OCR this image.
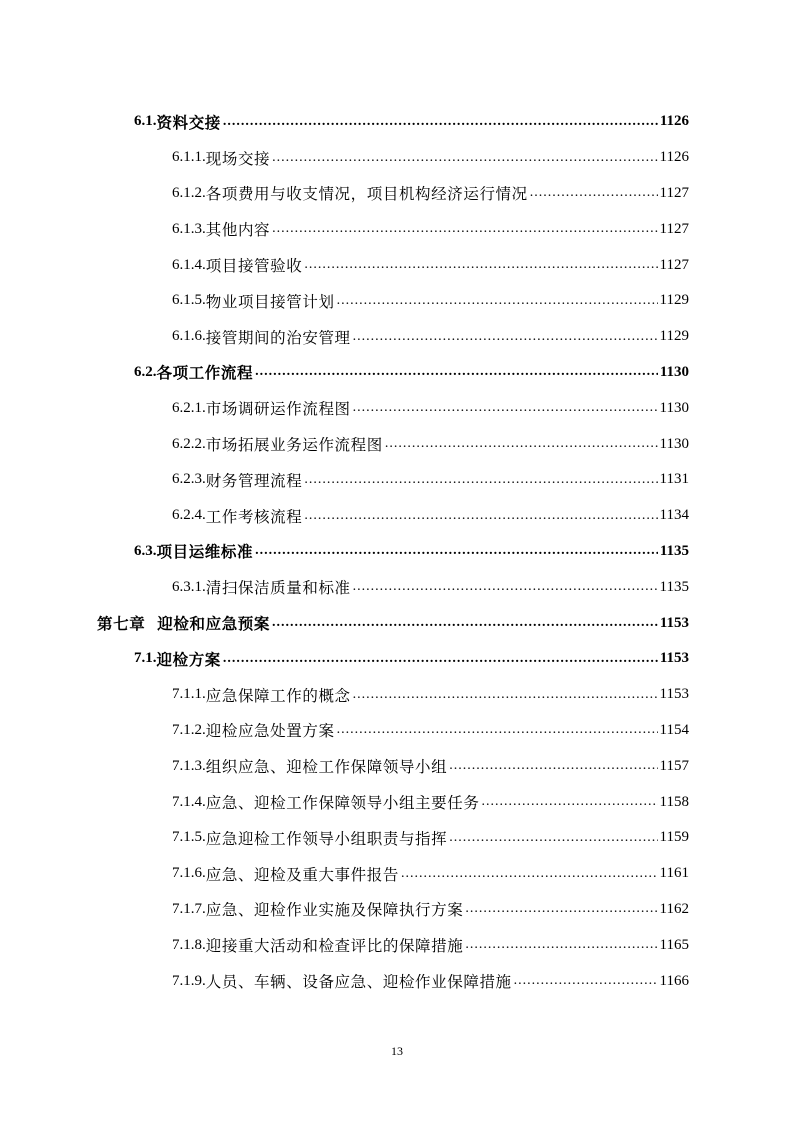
6.1. 资料交接 .....	1126
6.1.1. 现场交接 .....	1126
6.1.2. 各项费用与收支情况，项目机构经济运行情况 .....	1127
6.1.3. 其他内容 .....	1127
6.1.4. 项目接管验收 .....	1127
6.1.5. 物业项目接管计划 .....	1129
6.1.6. 接管期间的治安管理 .....	1129
6.2. 各项工作流程 .....	1130
6.2.1. 市场调研运作流程图 .....	1130
6.2.2. 市场拓展业务运作流程图 .....	1130
6.2.3. 财务管理流程 .....	1131
6.2.4. 工作考核流程 .....	1134
6.3. 项目运维标准 .....	1135
6.3.1. 清扫保洁质量和标准 .....	1135
第七章  迎检和应急预案 .....	1153
7.1. 迎检方案 .....	1153
7.1.1. 应急保障工作的概念 .....	1153
7.1.2. 迎检应急处置方案 .....	1154
7.1.3. 组织应急、迎检工作保障领导小组 .....	1157
7.1.4. 应急、迎检工作保障领导小组主要任务 .....	1158
7.1.5. 应急迎检工作领导小组职责与指挥 .....	1159
7.1.6. 应急、迎检及重大事件报告 .....	1161
7.1.7. 应急、迎检作业实施及保障执行方案 .....	1162
7.1.8. 迎接重大活动和检查评比的保障措施 .....	1165
7.1.9. 人员、车辆、设备应急、迎检作业保障措施 .....	1166
13
